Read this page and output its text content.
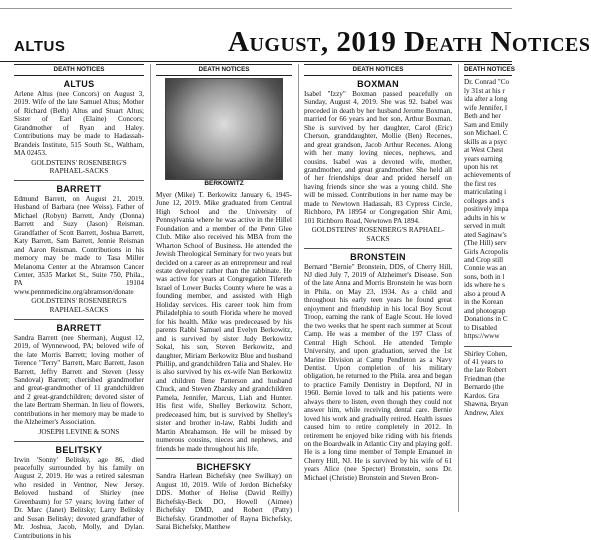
ALTUS	August, 2019 Death Notices
DEATH NOTICES
ALTUS
Arlene Altus (nee Concors) on August 3, 2019. Wife of the late Samuel Altus; Mother of Richard (Beth) Altus and Stuart Altus; Sister of Earl (Elaine) Concors; Grandmother of Ryan and Haley. Contributions may be made to Hadassah-Brandeis Institute, 515 South St., Waltham, MA 02453.
GOLDSTEINS' ROSENBERG'S RAPHAEL-SACKS
BARRETT
Edmund Barrett, on August 21, 2019. Husband of Barbara (nee Weiss). Father of Michael (Robyn) Barrett, Andy (Donna) Barrett and Suzy (Jason) Reisman. Grandfather of Scott Barrett, Joshua Barrett, Katy Barrett, Sam Barrett, Jennie Reisman and Aaron Reisman. Contributions in his memory may be made to Tasa Miller Melanoma Center at the Abramson Cancer Center, 3535 Market St., Suite 750, Phila., PA 19104 www.pennmedicine.org/abramson/donate
GOLDSTEINS' ROSENBERG'S RAPHAEL-SACKS
BARRETT
Sandra Barrett (nee Sherman), August 12, 2019, of Wynnewood, PA; beloved wife of the late Morris Barrett; loving mother of Terence "Terry" Barrett, Marc Barrett, Jason Barrett, Jeffry Barrett and Steven (Jessy Sandoval) Barrett; cherished grandmother and great-grandmother of 11 grandchildren and 2 great-grandchildren; devoted sister of the late Bertram Sherman. In lieu of flowers, contributions in her memory may be made to the Alzheimer's Association.
JOSEPH LEVINE & SONS
BELITSKY
Irwin 'Sonny' Belitsky, age 86, died peacefully surrounded by his family on August 2, 2019. He was a retired salesman who resided in Ventnor, New Jersey. Beloved husband of Shirley (nee Greenbaum) for 57 years; loving father of Dr. Marc (Janet) Belitsky; Larry Belitsky and Susan Belitsky; devoted grandfather of Mr. Joshua, Jacob, Molly, and Dylan. Contributions in his
DEATH NOTICES
BERKOWITZ
Myer (Mike) T. Berkowitz January 6, 1945-June 12, 2019. Mike graduated from Central High School and the University of Pennsylvania where he was active in the Hillel Foundation and a member of the Penn Glee Club. Mike also received his MBA from the Wharton School of Business. He attended the Jewish Theological Seminary for two years but decided on a career as an entrepreneur and real estate developer rather than the rabbinate. He was active for years at Congregation Tifereth Israel of Lower Bucks County where he was a founding member, and assisted with High Holiday services. His career took him from Philadelphia to south Florida where he moved for his health. Mike was predeceased by his parents Rabbi Samuel and Evelyn Berkowitz, and is survived by sister Judy Berkowitz Sokal, his son, Steven Berkowitz, and daughter, Miriam Berkowitz Blue and husband Phillip, and grandchildren Talia and Shalev. He is also survived by his ex-wife Nan Berkowitz and children Ilene Patterson and husband Chuck, and Steven Zbarsky and grandchildren Pamela, Jennifer, Marcus, Liah and Hunter. His first wife, Shelley Berkowitz Schorr, predeceased him, but is survived by Shelley's sister and brother in-law, Rabbi Judith and Martin Abrahamson. He will be missed by numerous cousins, nieces and nephews, and friends he made throughout his life.
BICHEFSKY
Sandra Harlean Bichefsky (nee Swilkay) on August 10, 2019. Wife of Jordon Bichefsky DDS. Mother of Helise (David Reilly) Bichefsky-Beck DO, Howell (Aimee) Bichefsky DMD, and Robert (Patty) Bichefsky. Grandmother of Rayna Bichefsky, Sarai Bichefsky, Matthew
DEATH NOTICES
BOXMAN
Isabel "Izzy" Boxman passed peacefully on Sunday, August 4, 2019. She was 92. Isabel was preceded in death by her husband Jerome Boxman, married for 66 years and her son, Arthur Boxman. She is survived by her daughter, Carol (Eric) Cherson, granddaughter, Mollie (Ben) Recenes, and great grandson, Jacob Arthur Recenes. Along with her many loving nieces, nephews, and cousins. Isabel was a devoted wife, mother, grandmother, and great grandmother. She held all of her friendships dear and prided herself on having friends since she was a young child. She will be missed. Contributions in her name may be made to Newtown Hadassah, 83 Cypress Circle, Richboro, PA 18954 or Congregation Shir Ami, 101 Richboro Road, Newtown PA 1894.
GOLDSTEINS' ROSENBERG'S RAPHAEL-SACKS
BRONSTEIN
Bernard "Bernie" Bronstein, DDS, of Cherry Hill, NJ died July 7, 2019 of Alzheimer's Disease. Son of the late Anna and Morris Bronstein he was born in Phila. on May 23, 1934. As a child and throughout his early teen years he found great enjoyment and friendship in his local Boy Scout Troop, earning the rank of Eagle Scout. He loved the two weeks that he spent each summer at Scout Camp. He was a member of the 197 Class of Central High School. He attended Temple University, and upon graduation, served the 1st Marine Division at Camp Pendleton as a Navy Dentist. Upon completion of his military obligation, he returned to the Phila. area and began to practice Family Dentistry in Deptford, NJ in 1960. Bernie loved to talk and his patients were always there to listen, even though they could not answer him, while receiving dental care. Bernie loved his work and gradually retired. Health issues caused him to retire completely in 2012. In retirement he enjoyed bike riding with his friends on the Boardwalk in Atlantic City and playing golf. He is a long time member of Temple Emanuel in Cherry Hill, NJ. He is survived by his wife of 61 years Alice (nee Specter) Bronstein, sons Dr. Michael (Christie) Bronstein and Steven Bron-
DEATH NOTICES
Dr. Conrad "Co ly 31st at his r ida after a long wife Jennifer, l Beth and her Sam and Emily son Michael. C skills as a psyc at West Chest years earning upon his ret achievements of the first res matriculating i colleges and s positively impa adults in his w served in mult ated Saginaw's (The Hill) serv Girls Acropolis and Crop still Connie was an sons, both in l ids where he s also a proud A in the Korean and photograp Donations in C to Disabled https://www
Shirley Cohen, of 41 years to the late Robert Friedman (the Bernardo (the Kardos. Gra Shawna, Bryan Andrew, Alex
